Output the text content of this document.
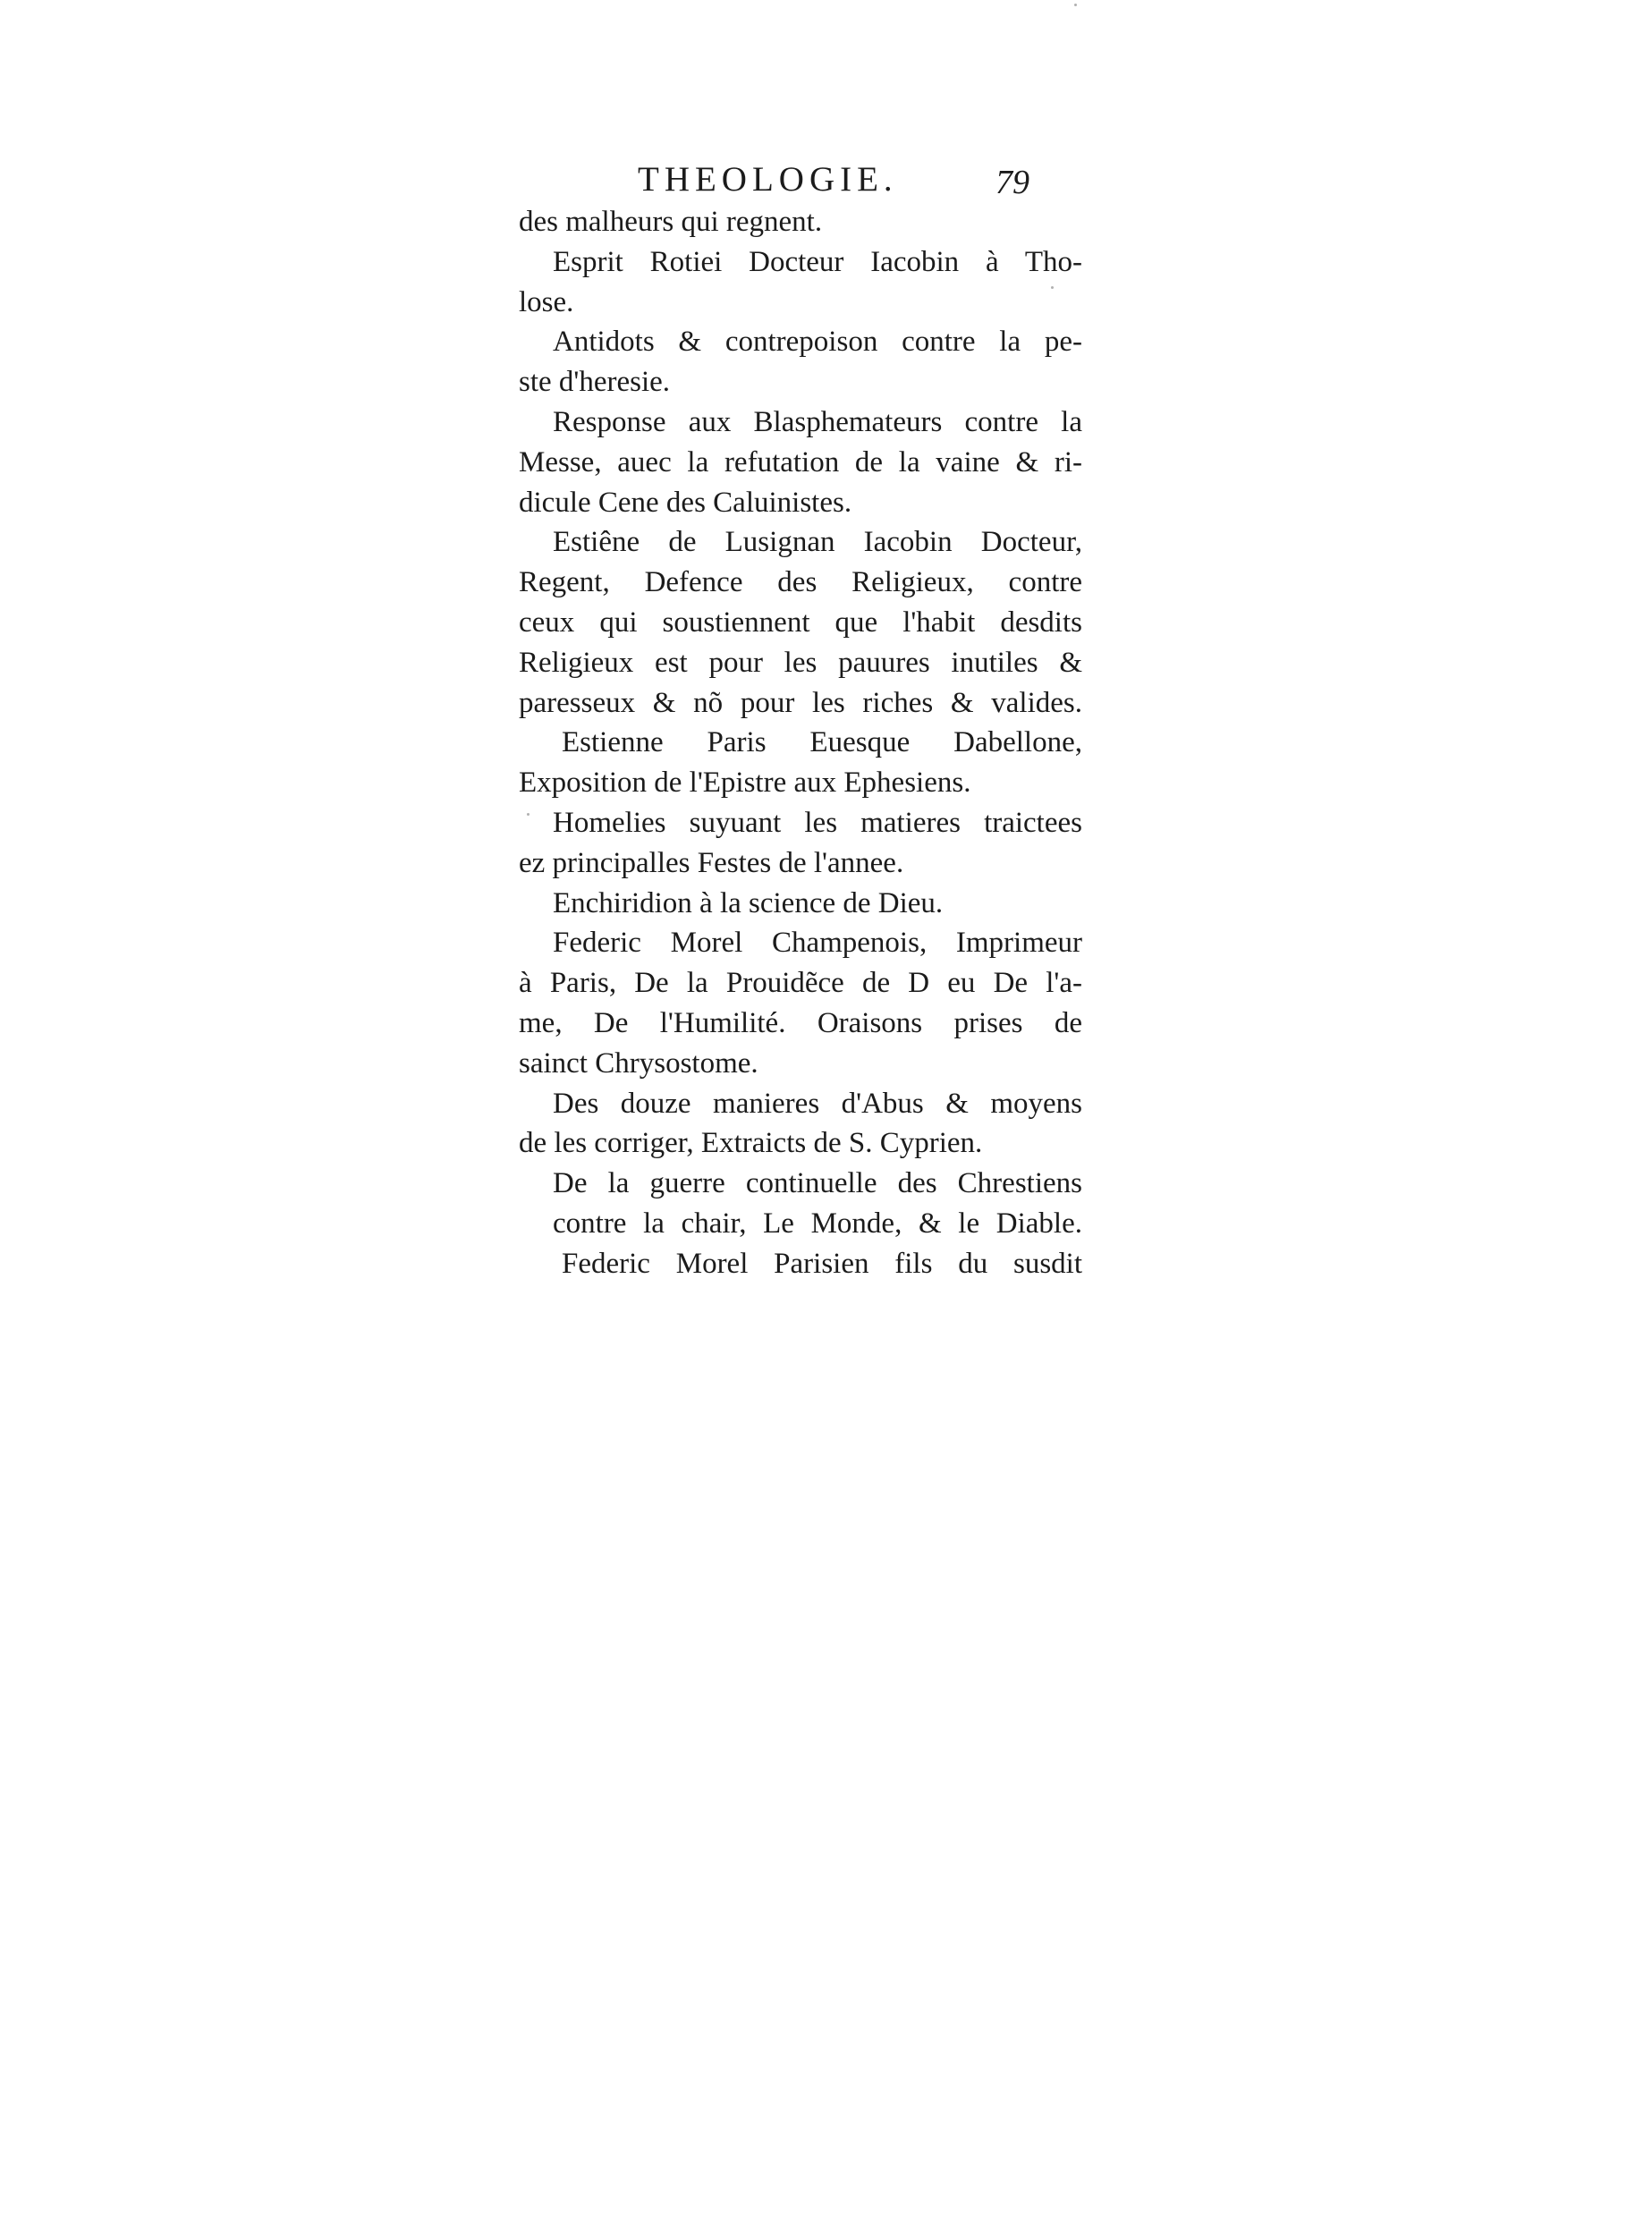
THEOLOGIE.	79
des malheurs qui regnent.
Esprit Rotiei Docteur Iacobin à Tho-
lose.
Antidots & contrepoison contre la pe-
ste d'heresie.
Response aux Blasphemateurs contre la
Messe, auec la refutation de la vaine & ri-
dicule Cene des Caluinistes.
Estiêne de Lusignan Iacobin Docteur,
Regent, Defence des Religieux, contre
ceux qui soustiennent que l'habit desdits
Religieux est pour les pauures inutiles &
paresseux & nõ pour les riches & valides.
Estienne Paris Euesque Dabellone,
Exposition de l'Epistre aux Ephesiens.
Homelies suyuant les matieres traictees
ez principalles Festes de l'annee.
Enchiridion à la science de Dieu.
Federic Morel Champenois, Imprimeur
à Paris, De la Prouidẽce de D eu De l'a-
me, De l'Humilité. Oraisons prises de
sainct Chrysostome.
Des douze manieres d'Abus & moyens
de les corriger, Extraicts de S. Cyprien.
De la guerre continuelle des Chrestiens
contre la chair, Le Monde, & le Diable.
Federic Morel Parisien fils du susdit
